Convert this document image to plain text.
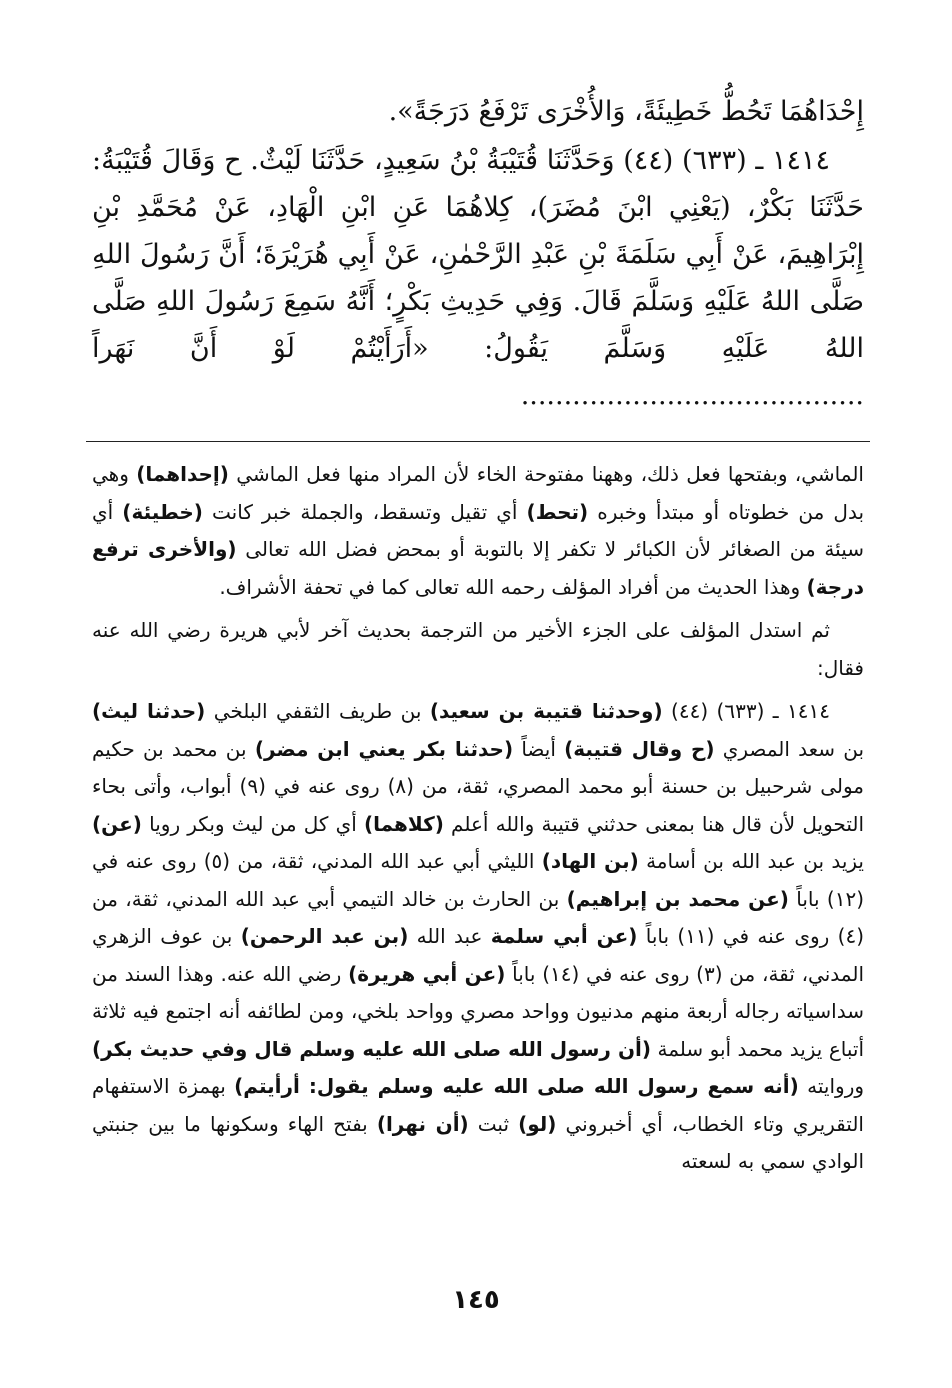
إِحْدَاهُمَا تَحُطُّ خَطِيئَةً، وَالأُخْرَى تَرْفَعُ دَرَجَةً».

١٤١٤ ـ (٦٣٣) (٤٤) وَحَدَّثَنَا قُتَيْبَةُ بْنُ سَعِيدٍ، حَدَّثَنَا لَيْثٌ. ح وَقَالَ قُتَيْبَةُ: حَدَّثَنَا بَكْرٌ، (يَعْنِي ابْنَ مُضَرَ)، كِلاهُمَا عَنِ ابْنِ الْهَادِ، عَنْ مُحَمَّدِ بْنِ إِبْرَاهِيمَ، عَنْ أَبِي سَلَمَةَ بْنِ عَبْدِ الرَّحْمٰنِ، عَنْ أَبِي هُرَيْرَةَ؛ أَنَّ رَسُولَ اللهِ صَلَّى اللهُ عَلَيْهِ وَسَلَّمَ قَالَ. وَفِي حَدِيثِ بَكْرٍ؛ أَنَّهُ سَمِعَ رَسُولَ اللهِ صَلَّى اللهُ عَلَيْهِ وَسَلَّمَ يَقُولُ: «أَرَأَيْتُمْ لَوْ أَنَّ نَهَراً ........................................

الماشي، وبفتحها فعل ذلك، وههنا مفتوحة الخاء لأن المراد منها فعل الماشي (إحداهما) وهي بدل من خطوتاه أو مبتدأ وخبره (تحط) أي تقيل وتسقط، والجملة خبر كانت (خطيئة) أي سيئة من الصغائر لأن الكبائر لا تكفر إلا بالتوبة أو بمحض فضل الله تعالى (والأخرى ترفع درجة) وهذا الحديث من أفراد المؤلف رحمه الله تعالى كما في تحفة الأشراف.

ثم استدل المؤلف على الجزء الأخير من الترجمة بحديث آخر لأبي هريرة رضي الله عنه فقال:

١٤١٤ ـ (٦٣٣) (٤٤) (وحدثنا قتيبة بن سعيد) بن طريف الثقفي البلخي (حدثنا ليث) بن سعد المصري (ح وقال قتيبة) أيضاً (حدثنا بكر يعني ابن مضر) بن محمد بن حكيم مولى شرحبيل بن حسنة أبو محمد المصري، ثقة، من (٨) روى عنه في (٩) أبواب، وأتى بحاء التحويل لأن قال هنا بمعنى حدثني قتيبة والله أعلم (كلاهما) أي كل من ليث وبكر رويا (عن) يزيد بن عبد الله بن أسامة (بن الهاد) الليثي أبي عبد الله المدني، ثقة، من (٥) روى عنه في (١٢) باباً (عن محمد بن إبراهيم) بن الحارث بن خالد التيمي أبي عبد الله المدني، ثقة، من (٤) روى عنه في (١١) باباً (عن أبي سلمة عبد الله (بن عبد الرحمن) بن عوف الزهري المدني، ثقة، من (٣) روى عنه في (١٤) باباً (عن أبي هريرة) رضي الله عنه. وهذا السند من سداسياته رجاله أربعة منهم مدنيون وواحد مصري وواحد بلخي، ومن لطائفه أنه اجتمع فيه ثلاثة أتباع يزيد محمد أبو سلمة (أن رسول الله صلى الله عليه وسلم قال وفي حديث بكر) وروايته (أنه سمع رسول الله صلى الله عليه وسلم يقول: أرأيتم) بهمزة الاستفهام التقريري وتاء الخطاب، أي أخبروني (لو) ثبت (أن نهرا) بفتح الهاء وسكونها ما بين جنبتي الوادي سمي به لسعته

١٤٥
